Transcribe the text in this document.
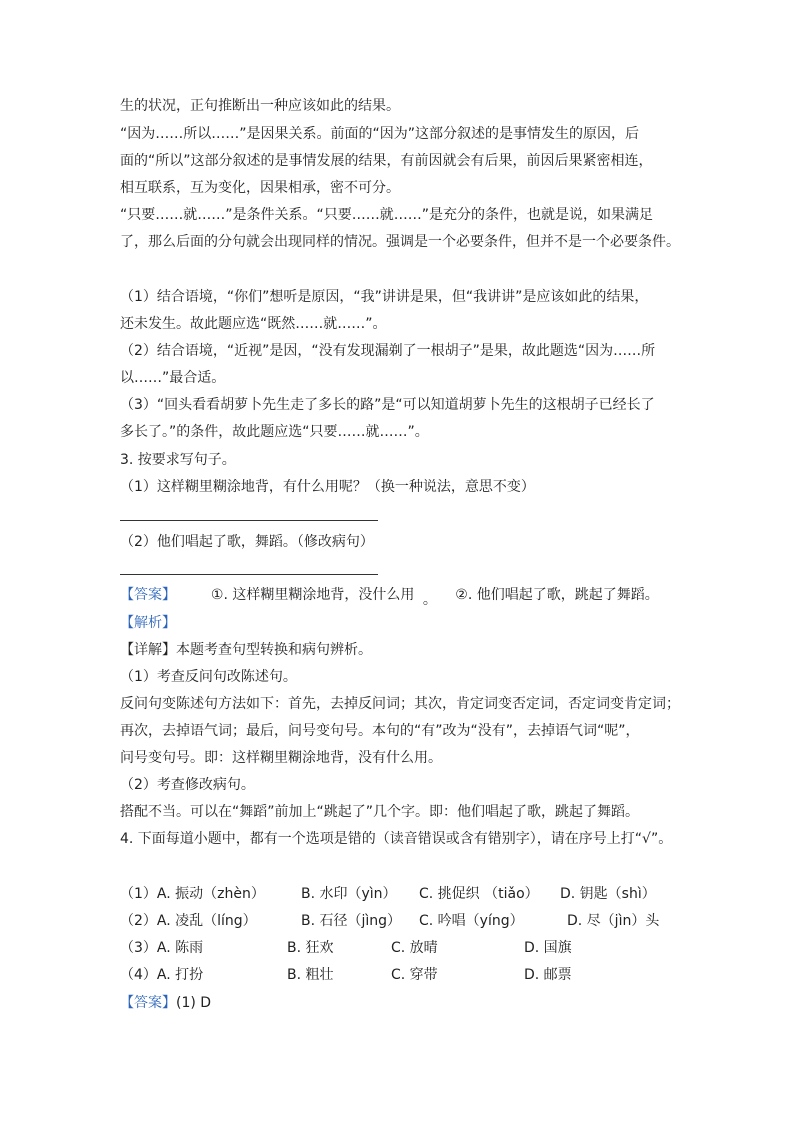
生的状况，正句推断出一种应该如此的结果。
“因为……所以……”是因果关系。前面的“因为”这部分叙述的是事情发生的原因，后
面的“所以”这部分叙述的是事情发展的结果，有前因就会有后果，前因后果紧密相连，
相互联系，互为变化，因果相承，密不可分。
“只要……就……”是条件关系。“只要……就……”是充分的条件，也就是说，如果满足
了，那么后面的分句就会出现同样的情况。强调是一个必要条件，但并不是一个必要条件。
（1）结合语境，“你们”想听是原因，“我”讲讲是果，但“我讲讲”是应该如此的结果，
还未发生。故此题应选“既然……就……”。
（2）结合语境，“近视”是因，“没有发现漏剃了一根胡子”是果，故此题选“因为……所
以……”最合适。
（3）“回头看看胡萝卜先生走了多长的路”是“可以知道胡萝卜先生的这根胡子已经长了
多长了。”的条件，故此题应选“只要……就……”。
3. 按要求写句子。
（1）这样糊里糊涂地背，有什么用呢？（换一种说法，意思不变）
（2）他们唱起了歌，舞蹈。（修改病句）
【答案】 ①. 这样糊里糊涂地背，没什么用 。 ②. 他们唱起了歌，跳起了舞蹈。
【解析】
【详解】本题考查句型转换和病句辨析。
（1）考查反问句改陈述句。
反问句变陈述句方法如下：首先，去掉反问词；其次，肯定词变否定词，否定词变肯定词；
再次，去掉语气词；最后，问号变句号。本句的“有”改为“没有”，去掉语气词“呢”，
问号变句号。即：这样糊里糊涂地背，没有什么用。
（2）考查修改病句。
搭配不当。可以在“舞蹈”前加上“跳起了”几个字。即：他们唱起了歌，跳起了舞蹈。
4. 下面每道小题中，都有一个选项是错的（读音错误或含有错别字），请在序号上打“√”。
（1）A. 振动（zhèn）	B. 水印（yìn） C. 挑促织 （tiǎo） D. 钥匙（shì）
（2）A. 凌乱（líng）	B. 石径（jìng） C. 吟唱（yíng）	D. 尽（jìn）头
（3）A. 陈雨	B. 狂欢	C. 放晴	D. 国旗
（4）A. 打扮	B. 粗壮	C. 穿带	D. 邮票
【答案】(1) D
